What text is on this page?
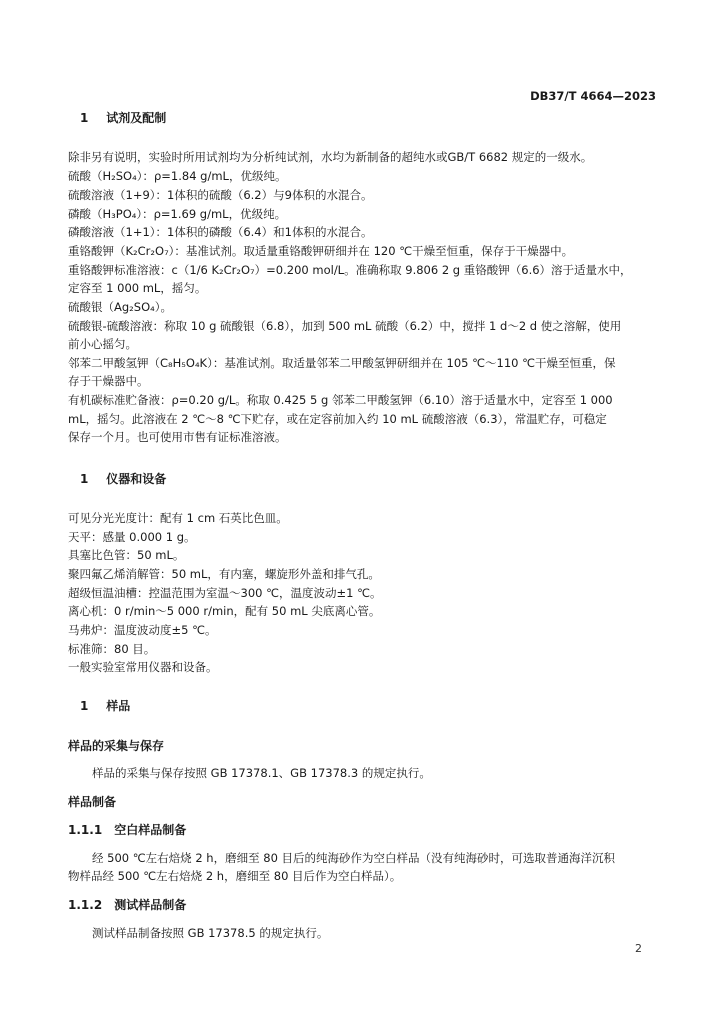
DB37/T 4664—2023
1 试剂及配制
除非另有说明，实验时所用试剂均为分析纯试剂，水均为新制备的超纯水或GB/T 6682 规定的一级水。
硫酸（H₂SO₄）：ρ=1.84 g/mL，优级纯。
硫酸溶液（1+9）：1体积的硫酸（6.2）与9体积的水混合。
磷酸（H₃PO₄）：ρ=1.69 g/mL，优级纯。
磷酸溶液（1+1）：1体积的磷酸（6.4）和1体积的水混合。
重铬酸钾（K₂Cr₂O₇）：基准试剂。取适量重铬酸钾研细并在 120 ℃干燥至恒重，保存于干燥器中。
重铬酸钾标准溶液：c（1/6 K₂Cr₂O₇）=0.200 mol/L。准确称取 9.806 2 g 重铬酸钾（6.6）溶于适量水中，
定容至 1 000 mL，摇匀。
硫酸银（Ag₂SO₄）。
硫酸银-硫酸溶液：称取 10 g 硫酸银（6.8），加到 500 mL 硫酸（6.2）中，搅拌 1 d～2 d 使之溶解，使用
前小心摇匀。
邻苯二甲酸氢钾（C₈H₅O₄K）：基准试剂。取适量邻苯二甲酸氢钾研细并在 105 ℃～110 ℃干燥至恒重，保
存于干燥器中。
有机碳标准贮备液：ρ=0.20 g/L。称取 0.425 5 g 邻苯二甲酸氢钾（6.10）溶于适量水中，定容至 1 000
mL，摇匀。此溶液在 2 ℃～8 ℃下贮存，或在定容前加入约 10 mL 硫酸溶液（6.3），常温贮存，可稳定
保存一个月。也可使用市售有证标准溶液。
1 仪器和设备
可见分光光度计：配有 1 cm 石英比色皿。
天平：感量 0.000 1 g。
具塞比色管：50 mL。
聚四氟乙烯消解管：50 mL，有内塞，螺旋形外盖和排气孔。
超级恒温油槽：控温范围为室温～300 ℃，温度波动±1 ℃。
离心机：0 r/min～5 000 r/min，配有 50 mL 尖底离心管。
马弗炉：温度波动度±5 ℃。
标准筛：80 目。
一般实验室常用仪器和设备。
1 样品
样品的采集与保存
样品的采集与保存按照 GB 17378.1、GB 17378.3 的规定执行。
样品制备
1.1.1 空白样品制备
经 500 ℃左右焙烧 2 h，磨细至 80 目后的纯海砂作为空白样品（没有纯海砂时，可选取普通海洋沉积
物样品经 500 ℃左右焙烧 2 h，磨细至 80 目后作为空白样品）。
1.1.2 测试样品制备
测试样品制备按照 GB 17378.5 的规定执行。
2
